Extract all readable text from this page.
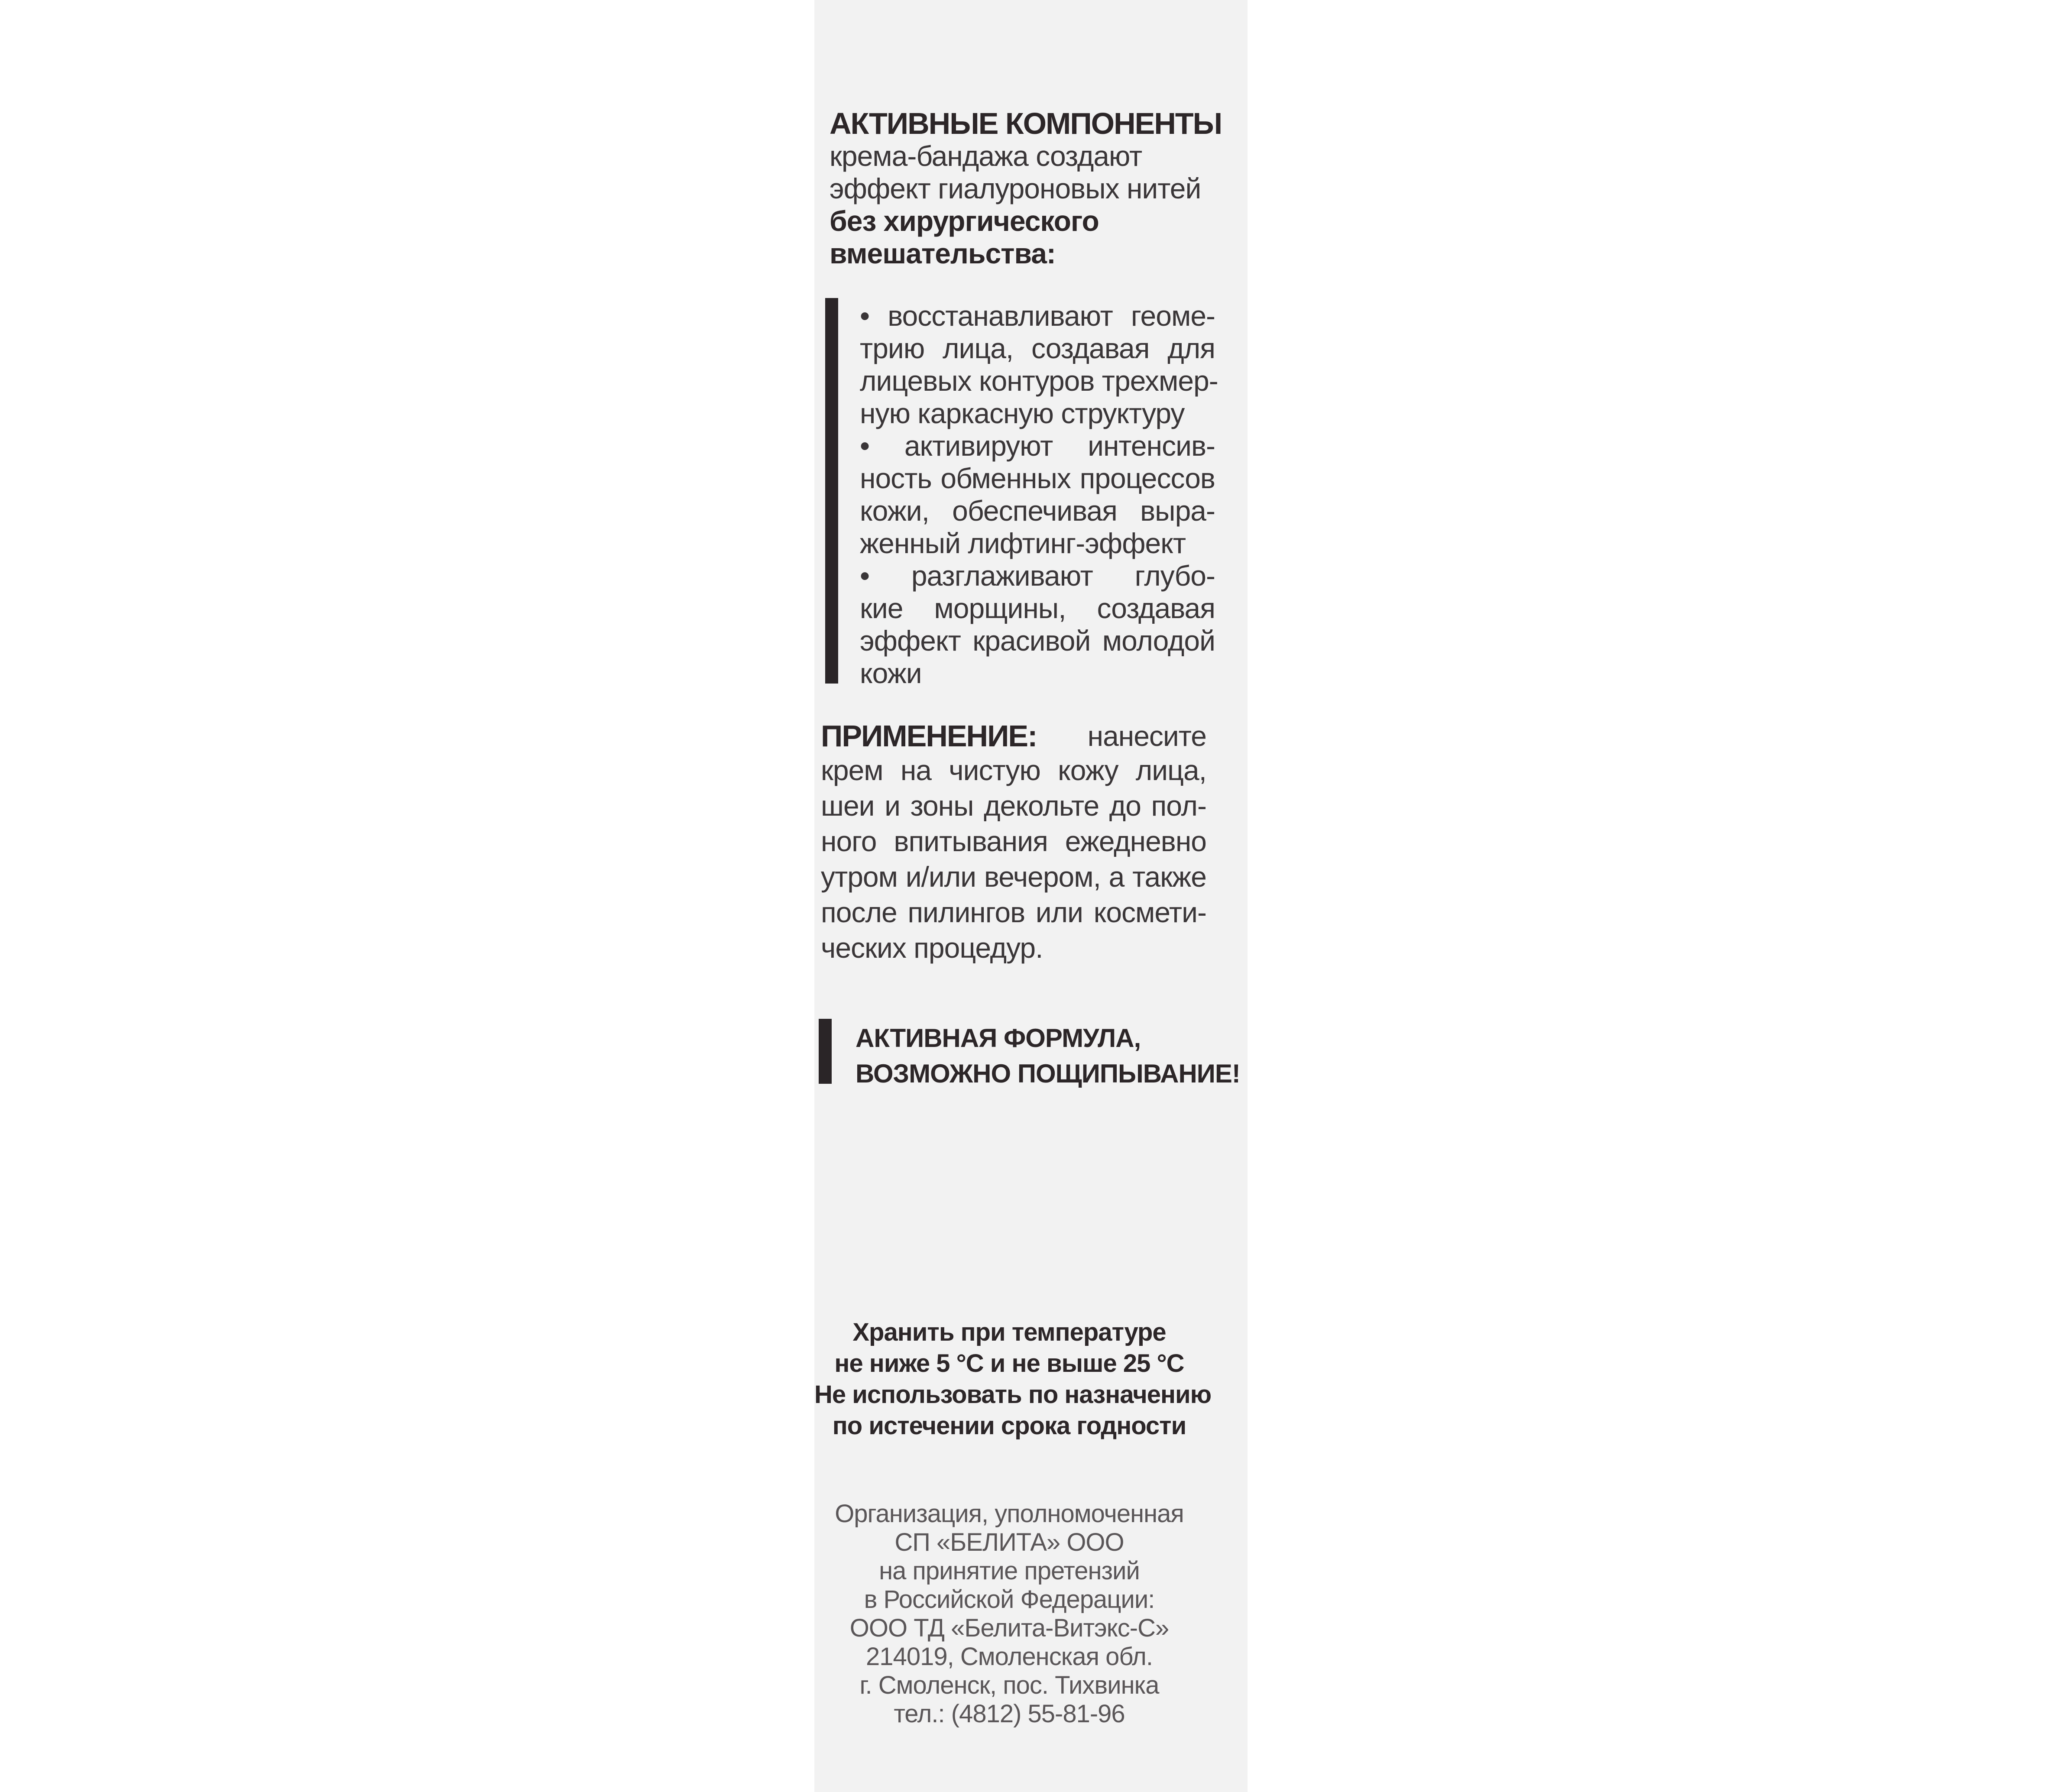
АКТИВНЫЕ КОМПОНЕНТЫ
крема-бандажа создают
эффект гиалуроновых нитей
без хирургического
вмешательства:
• восстанавливают геоме-
трию лица, создавая для
лицевых контуров трехмер-
ную каркасную структуру
• активируют интенсив-
ность обменных процессов
кожи, обеспечивая выра-
женный лифтинг-эффект
• разглаживают глубо-
кие морщины, создавая
эффект красивой молодой
кожи
ПРИМЕНЕНИЕ: нанесите
крем на чистую кожу лица,
шеи и зоны декольте до пол-
ного впитывания ежедневно
утром и/или вечером, а также
после пилингов или космети-
ческих процедур.
АКТИВНАЯ ФОРМУЛА,
ВОЗМОЖНО ПОЩИПЫВАНИЕ!
Хранить при температуре
не ниже 5 °С и не выше 25 °С
Не использовать по назначению
по истечении срока годности
Организация, уполномоченная
СП «БЕЛИТА» ООО
на принятие претензий
в Российской Федерации:
ООО ТД «Белита-Витэкс-С»
214019, Смоленская обл.
г. Смоленск, пос. Тихвинка
тел.: (4812) 55-81-96
